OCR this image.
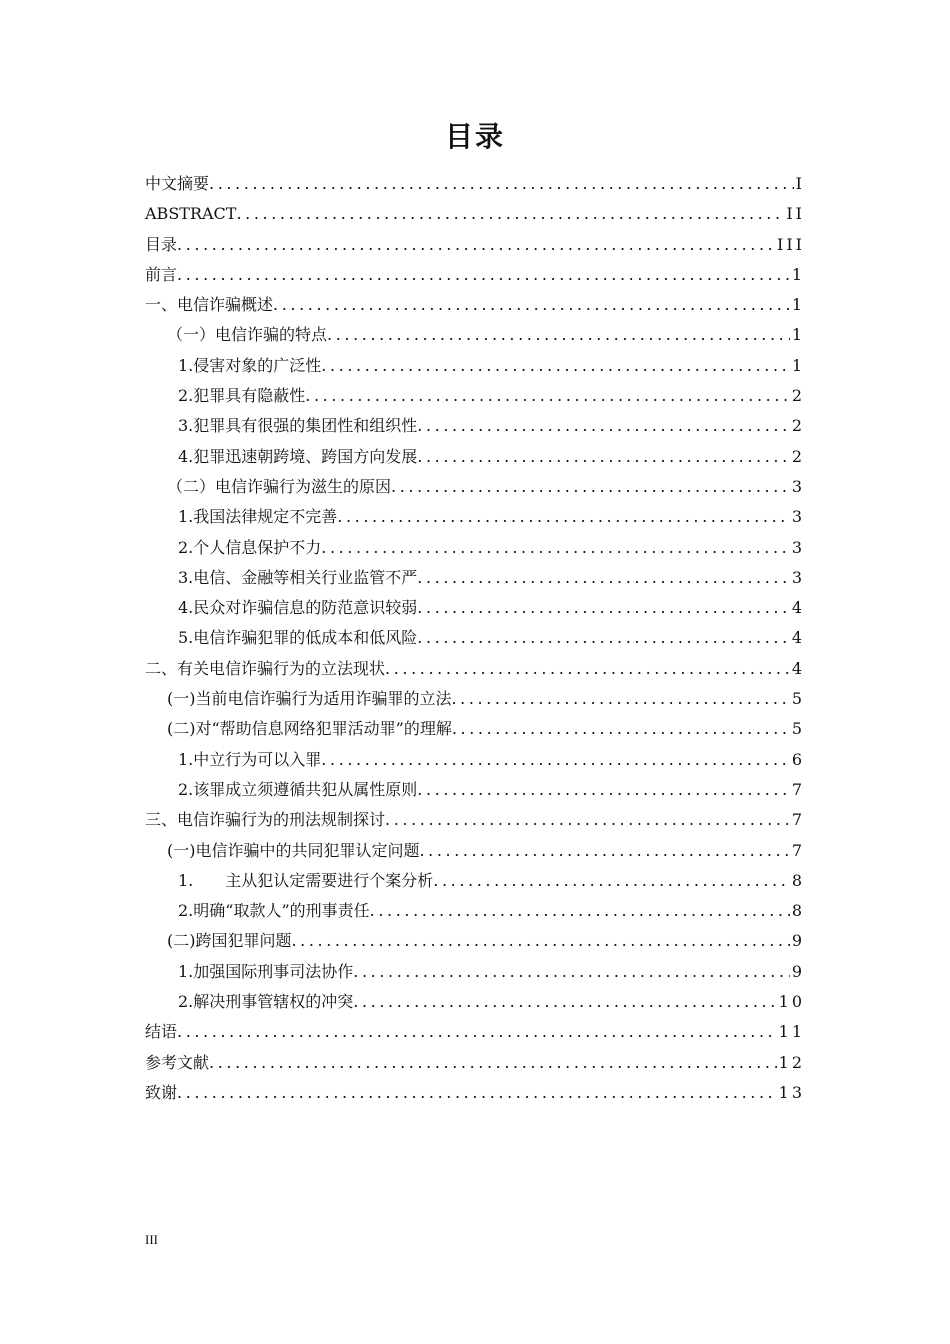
目录
中文摘要 .....	I
ABSTRACT .....	II
目录 .....	III
前言 .....	1
一、电信诈骗概述 .....	1
（一）电信诈骗的特点 .....	1
1.侵害对象的广泛性 .....	1
2.犯罪具有隐蔽性 .....	2
3.犯罪具有很强的集团性和组织性 .....	2
4.犯罪迅速朝跨境、跨国方向发展 .....	2
（二）电信诈骗行为滋生的原因 .....	3
1.我国法律规定不完善 .....	3
2.个人信息保护不力 .....	3
3.电信、金融等相关行业监管不严 .....	3
4.民众对诈骗信息的防范意识较弱 .....	4
5.电信诈骗犯罪的低成本和低风险 .....	4
二、有关电信诈骗行为的立法现状 .....	4
(一)当前电信诈骗行为适用诈骗罪的立法 .....	5
(二)对“帮助信息网络犯罪活动罪”的理解 .....	5
1.中立行为可以入罪 .....	6
2.该罪成立须遵循共犯从属性原则 .....	7
三、电信诈骗行为的刑法规制探讨 .....	7
(一)电信诈骗中的共同犯罪认定问题 .....	7
1.　　主从犯认定需要进行个案分析 .....	8
2.明确“取款人”的刑事责任 .....	8
(二)跨国犯罪问题 .....	9
1.加强国际刑事司法协作 .....	9
2.解决刑事管辖权的冲突 .....	10
结语 .....	11
参考文献 .....	12
致谢 .....	13
III
